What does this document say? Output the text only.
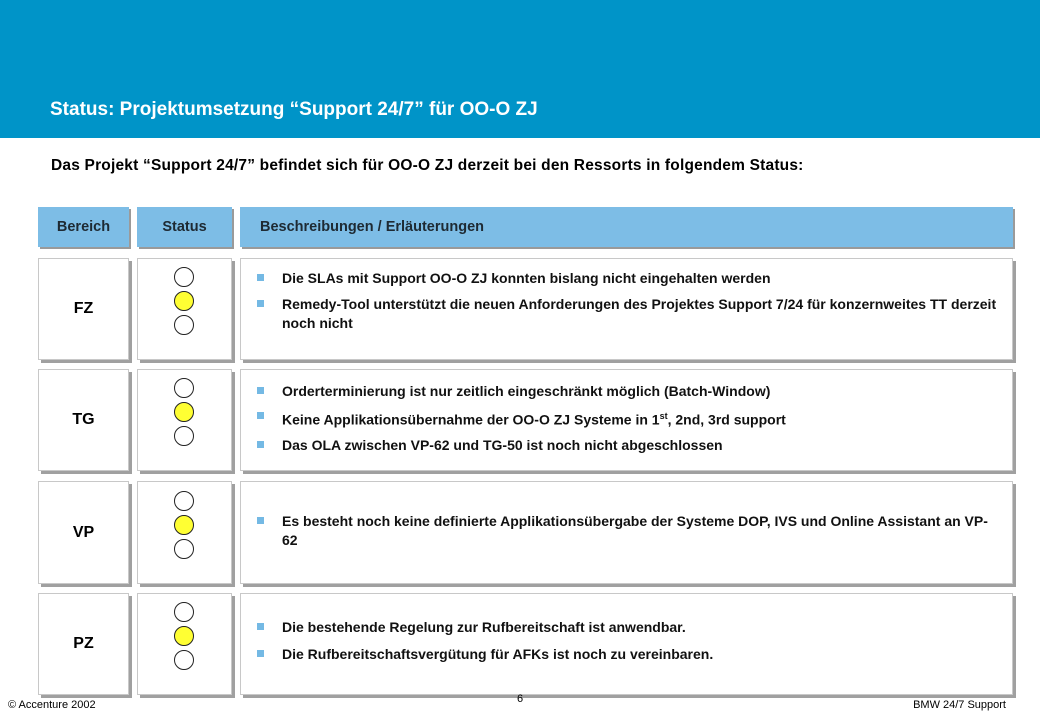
Status: Projektumsetzung “Support 24/7” für OO-O ZJ
Das Projekt “Support 24/7” befindet sich für OO-O ZJ derzeit bei den Ressorts in folgendem Status:
Bereich	Status	Beschreibungen / Erläuterungen
FZ
Die SLAs mit Support OO-O ZJ konnten bislang nicht eingehalten werden
Remedy-Tool unterstützt die neuen Anforderungen des Projektes Support 7/24 für konzernweites TT derzeit noch nicht
TG
Orderterminierung ist nur zeitlich eingeschränkt möglich (Batch-Window)
Keine Applikationsübernahme der OO-O ZJ Systeme in 1st, 2nd, 3rd support
Das OLA zwischen VP-62 und TG-50 ist noch nicht abgeschlossen
VP
Es besteht noch keine definierte Applikationsübergabe der Systeme DOP, IVS und Online Assistant an VP-62
PZ
Die bestehende Regelung zur Rufbereitschaft ist anwendbar.
Die Rufbereitschaftsvergütung für AFKs ist noch zu vereinbaren.
© Accenture 2002	6	BMW 24/7 Support
